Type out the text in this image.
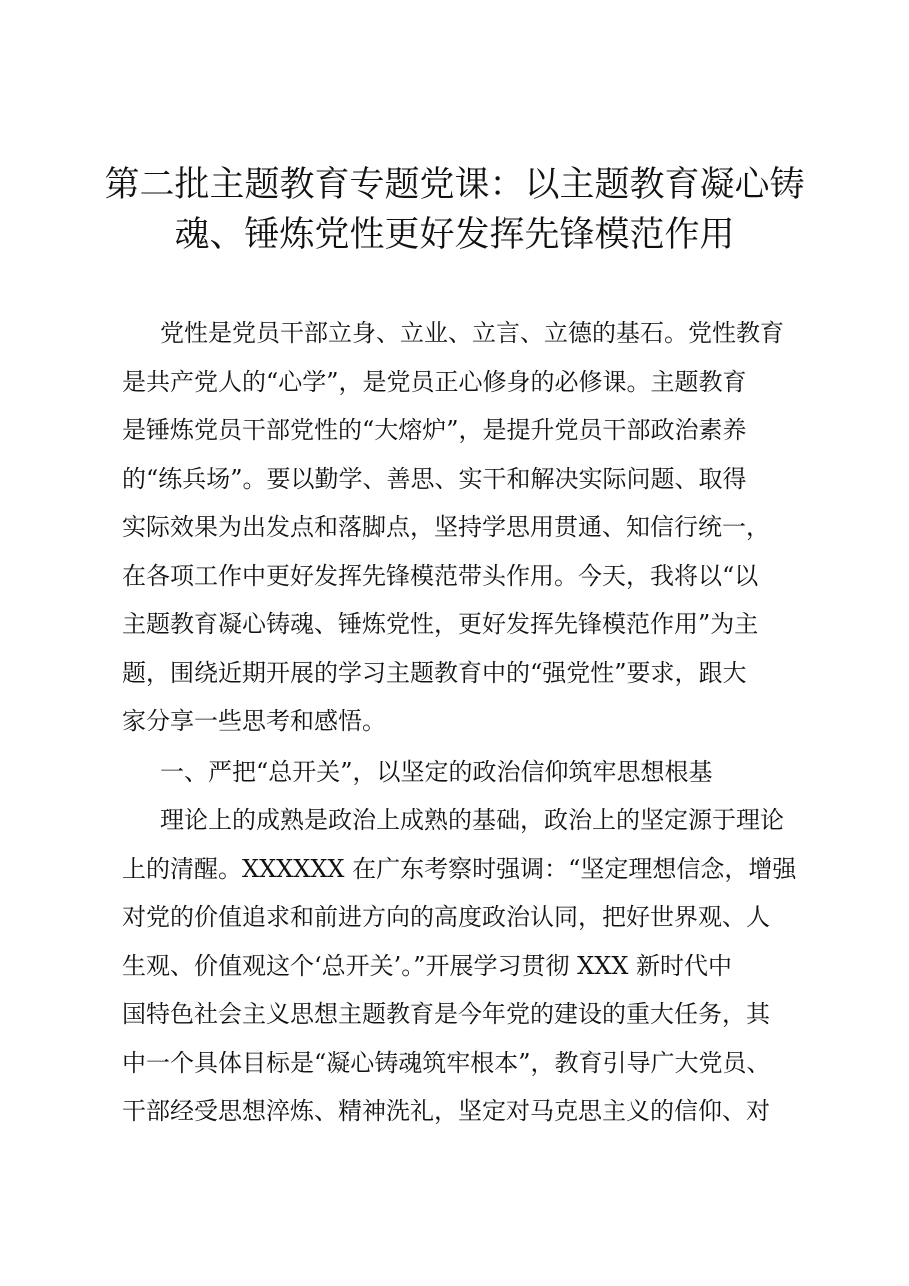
第二批主题教育专题党课：以主题教育凝心铸
魂、锤炼党性更好发挥先锋模范作用
党性是党员干部立身、立业、立言、立德的基石。党性教育
是共产党人的“心学”，是党员正心修身的必修课。主题教育
是锤炼党员干部党性的“大熔炉”，是提升党员干部政治素养
的“练兵场”。要以勤学、善思、实干和解决实际问题、取得
实际效果为出发点和落脚点，坚持学思用贯通、知信行统一，
在各项工作中更好发挥先锋模范带头作用。今天，我将以“以
主题教育凝心铸魂、锤炼党性，更好发挥先锋模范作用”为主
题，围绕近期开展的学习主题教育中的“强党性”要求，跟大
家分享一些思考和感悟。
一、严把“总开关”，以坚定的政治信仰筑牢思想根基
理论上的成熟是政治上成熟的基础，政治上的坚定源于理论
上的清醒。XXXXXX 在广东考察时强调：“坚定理想信念，增强
对党的价值追求和前进方向的高度政治认同，把好世界观、人
生观、价值观这个‘总开关’。”开展学习贯彻 XXX 新时代中
国特色社会主义思想主题教育是今年党的建设的重大任务，其
中一个具体目标是“凝心铸魂筑牢根本”，教育引导广大党员、
干部经受思想淬炼、精神洗礼，坚定对马克思主义的信仰、对
